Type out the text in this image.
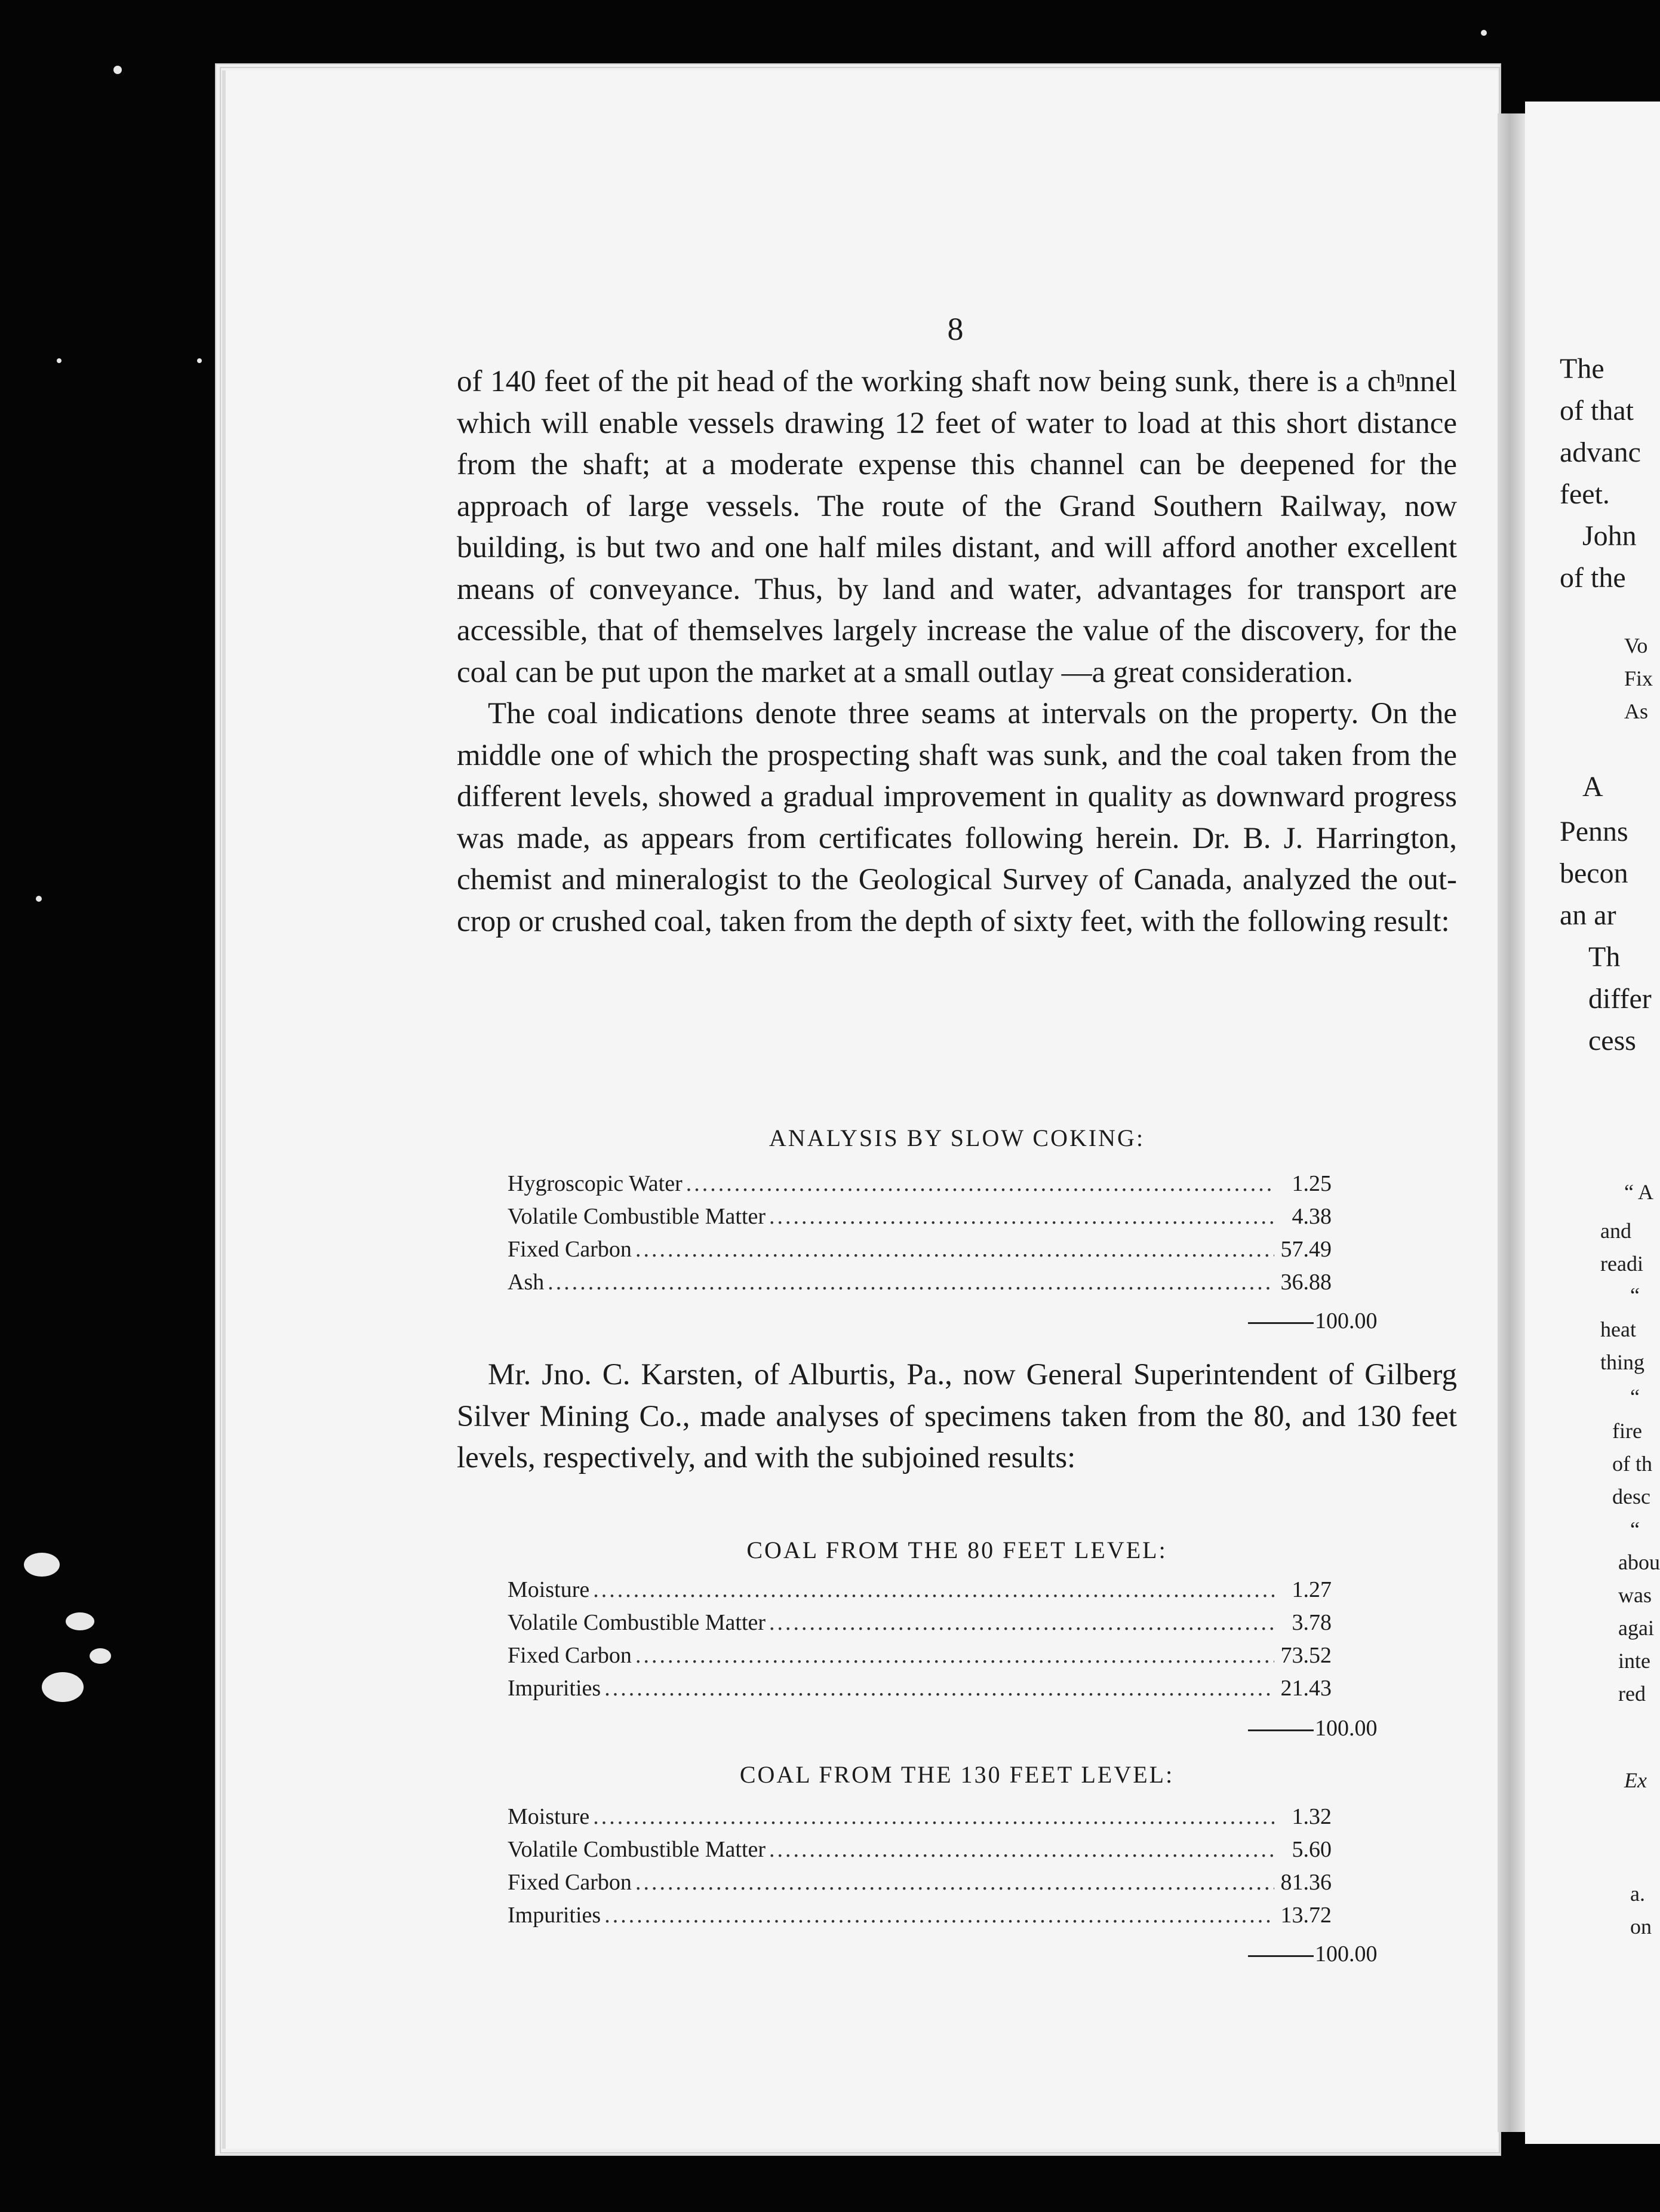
8

of 140 feet of the pit head of the working shaft now being sunk, there is a chᵑnnel which will enable vessels drawing 12 feet of water to load at this short distance from the shaft; at a moderate expense this channel can be deepened for the approach of large vessels. The route of the Grand Southern Railway, now building, is but two and one half miles distant, and will afford another excellent means of conveyance. Thus, by land and water, advantages for transport are accessible, that of themselves largely increase the value of the discovery, for the coal can be put upon the market at a small outlay —a great consideration.

The coal indications denote three seams at intervals on the property. On the middle one of which the prospecting shaft was sunk, and the coal taken from the different levels, showed a gradual improvement in quality as downward progress was made, as appears from certificates following herein. Dr. B. J. Harrington, chemist and mineralogist to the Geological Survey of Canada, analyzed the out-crop or crushed coal, taken from the depth of sixty feet, with the following result:

ANALYSIS BY SLOW COKING:
Hygroscopic Water .....	1.25
Volatile Combustible Matter .....	4.38
Fixed Carbon .....	57.49
Ash .....	36.88
100.00

Mr. Jno. C. Karsten, of Alburtis, Pa., now General Superintendent of Gilberg Silver Mining Co., made analyses of specimens taken from the 80, and 130 feet levels, respectively, and with the subjoined results:

COAL FROM THE 80 FEET LEVEL:
Moisture .....	1.27
Volatile Combustible Matter .....	3.78
Fixed Carbon .....	73.52
Impurities .....	21.43
100.00
COAL FROM THE 130 FEET LEVEL:
Moisture .....	1.32
Volatile Combustible Matter .....	5.60
Fixed Carbon .....	81.36
Impurities .....	13.72
100.00
The
of that
advanc
feet.
John
of the
Vo
Fix
As
A
Penns
becon
an ar
Th
differ
cess
“ A
and
readi
“
heat
thing
“
fire
of th
desc
“
abou
was
agai
inte
red
Ex
a.
on
